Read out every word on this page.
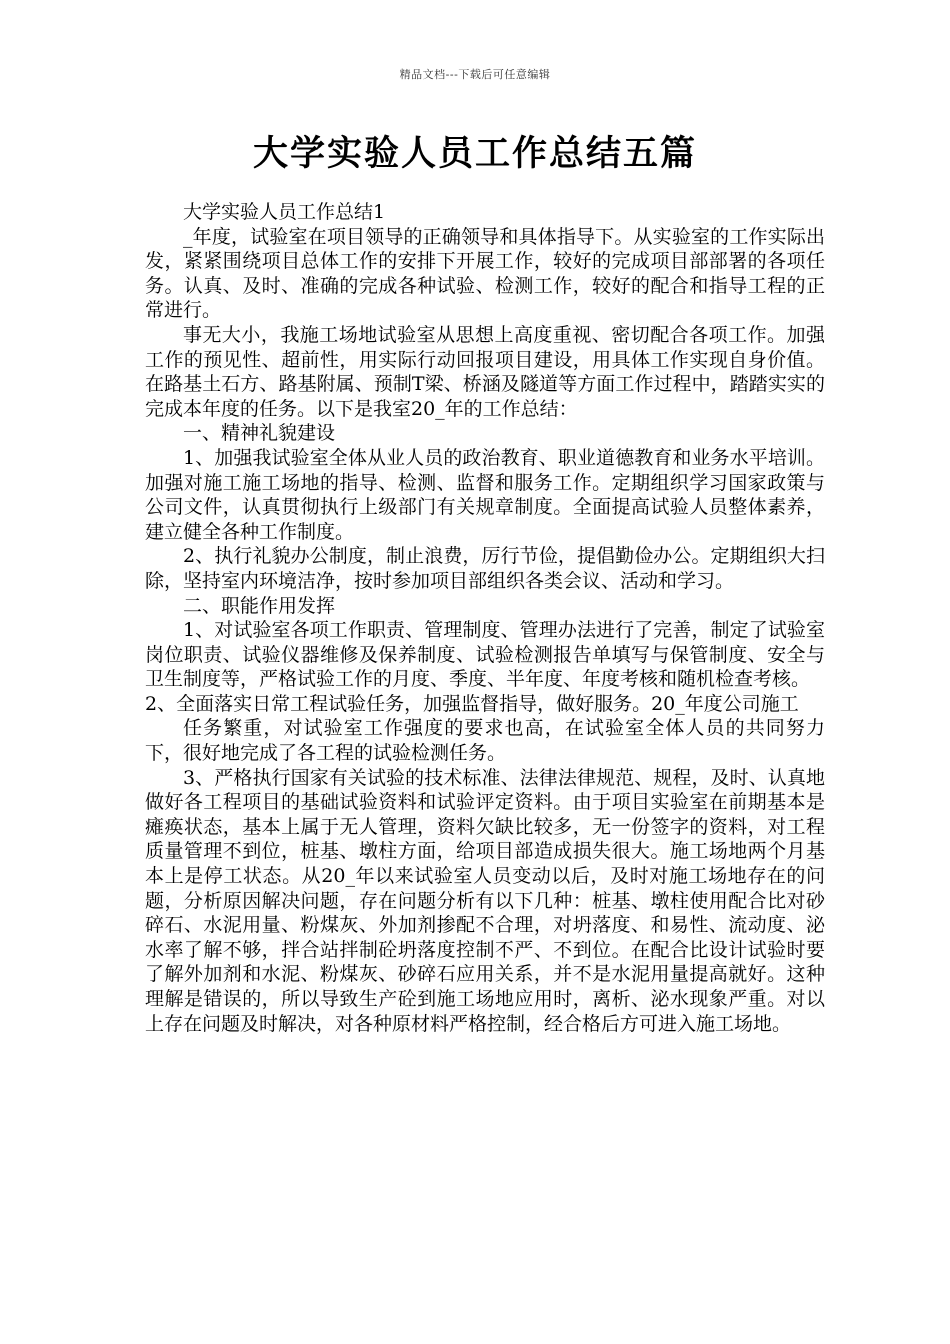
精品文档---下载后可任意编辑
大学实验人员工作总结五篇

大学实验人员工作总结1

_年度，试验室在项目领导的正确领导和具体指导下。从实验室的工作实际出发，紧紧围绕项目总体工作的安排下开展工作，较好的完成项目部部署的各项任务。认真、及时、准确的完成各种试验、检测工作，较好的配合和指导工程的正常进行。

事无大小，我施工场地试验室从思想上高度重视、密切配合各项工作。加强工作的预见性、超前性，用实际行动回报项目建设，用具体工作实现自身价值。在路基土石方、路基附属、预制T梁、桥涵及隧道等方面工作过程中，踏踏实实的完成本年度的任务。以下是我室20_年的工作总结：

一、精神礼貌建设

1、加强我试验室全体从业人员的政治教育、职业道德教育和业务水平培训。加强对施工施工场地的指导、检测、监督和服务工作。定期组织学习国家政策与公司文件，认真贯彻执行上级部门有关规章制度。全面提高试验人员整体素养，建立健全各种工作制度。

2、执行礼貌办公制度，制止浪费，厉行节俭，提倡勤俭办公。定期组织大扫除，坚持室内环境洁净，按时参加项目部组织各类会议、活动和学习。

二、职能作用发挥

1、对试验室各项工作职责、管理制度、管理办法进行了完善，制定了试验室岗位职责、试验仪器维修及保养制度、试验检测报告单填写与保管制度、安全与卫生制度等，严格试验工作的月度、季度、半年度、年度考核和随机检查考核。

2、全面落实日常工程试验任务，加强监督指导，做好服务。20_年度公司施工

任务繁重，对试验室工作强度的要求也高，在试验室全体人员的共同努力下，很好地完成了各工程的试验检测任务。

3、严格执行国家有关试验的技术标准、法律法律规范、规程，及时、认真地做好各工程项目的基础试验资料和试验评定资料。由于项目实验室在前期基本是瘫痪状态，基本上属于无人管理，资料欠缺比较多，无一份签字的资料，对工程质量管理不到位，桩基、墩柱方面，给项目部造成损失很大。施工场地两个月基本上是停工状态。从20_年以来试验室人员变动以后，及时对施工场地存在的问题，分析原因解决问题，存在问题分析有以下几种：桩基、墩柱使用配合比对砂碎石、水泥用量、粉煤灰、外加剂掺配不合理，对坍落度、和易性、流动度、泌水率了解不够，拌合站拌制砼坍落度控制不严、不到位。在配合比设计试验时要了解外加剂和水泥、粉煤灰、砂碎石应用关系，并不是水泥用量提高就好。这种理解是错误的，所以导致生产砼到施工场地应用时，离析、泌水现象严重。对以上存在问题及时解决，对各种原材料严格控制，经合格后方可进入施工场地。
